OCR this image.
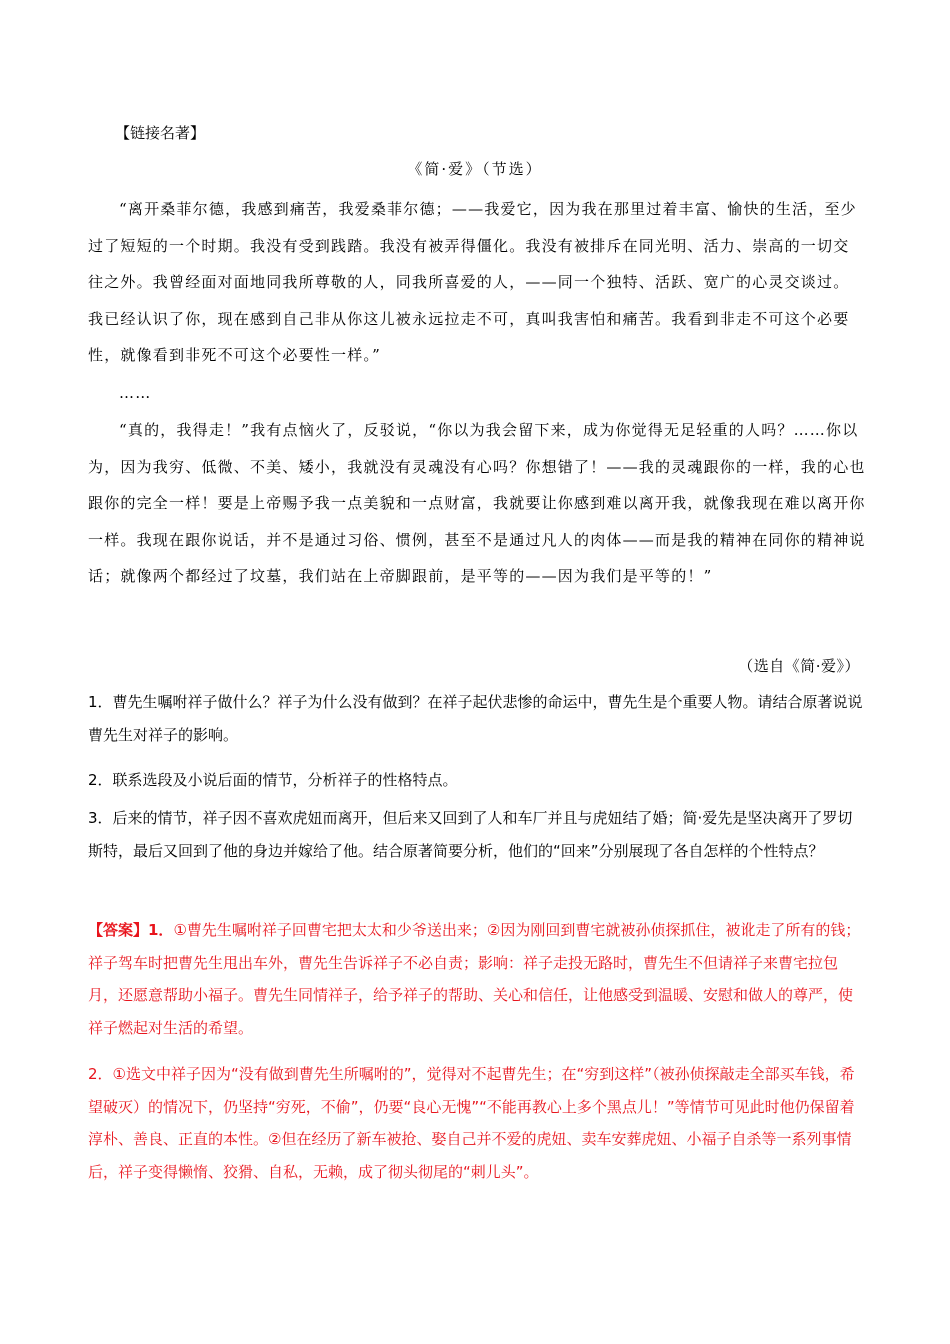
【链接名著】

《简·爱》（节选）

“离开桑菲尔德，我感到痛苦，我爱桑菲尔德；——我爱它，因为我在那里过着丰富、愉快的生活，至少过了短短的一个时期。我没有受到践踏。我没有被弄得僵化。我没有被排斥在同光明、活力、崇高的一切交往之外。我曾经面对面地同我所尊敬的人，同我所喜爱的人，——同一个独特、活跃、宽广的心灵交谈过。我已经认识了你，现在感到自己非从你这儿被永远拉走不可，真叫我害怕和痛苦。我看到非走不可这个必要性，就像看到非死不可这个必要性一样。”

……

“真的，我得走！”我有点恼火了，反驳说，“你以为我会留下来，成为你觉得无足轻重的人吗？……你以为，因为我穷、低微、不美、矮小，我就没有灵魂没有心吗？你想错了！——我的灵魂跟你的一样，我的心也跟你的完全一样！要是上帝赐予我一点美貌和一点财富，我就要让你感到难以离开我，就像我现在难以离开你一样。我现在跟你说话，并不是通过习俗、惯例，甚至不是通过凡人的肉体——而是我的精神在同你的精神说话；就像两个都经过了坟墓，我们站在上帝脚跟前，是平等的——因为我们是平等的！”

（选自《简·爱》）

1．曹先生嘱咐祥子做什么？祥子为什么没有做到？在祥子起伏悲惨的命运中，曹先生是个重要人物。请结合原著说说曹先生对祥子的影响。

2．联系选段及小说后面的情节，分析祥子的性格特点。

3．后来的情节，祥子因不喜欢虎妞而离开，但后来又回到了人和车厂并且与虎妞结了婚；简·爱先是坚决离开了罗切斯特，最后又回到了他的身边并嫁给了他。结合原著简要分析，他们的“回来”分别展现了各自怎样的个性特点？

【答案】1．①曹先生嘱咐祥子回曹宅把太太和少爷送出来；②因为刚回到曹宅就被孙侦探抓住，被讹走了所有的钱；祥子驾车时把曹先生甩出车外，曹先生告诉祥子不必自责；影响：祥子走投无路时，曹先生不但请祥子来曹宅拉包月，还愿意帮助小福子。曹先生同情祥子，给予祥子的帮助、关心和信任，让他感受到温暖、安慰和做人的尊严，使祥子燃起对生活的希望。

2．①选文中祥子因为“没有做到曹先生所嘱咐的”，觉得对不起曹先生；在“穷到这样”（被孙侦探敲走全部买车钱，希望破灭）的情况下，仍坚持“穷死，不偷”，仍要“良心无愧”“不能再教心上多个黑点儿！”等情节可见此时他仍保留着淳朴、善良、正直的本性。②但在经历了新车被抢、娶自己并不爱的虎妞、卖车安葬虎妞、小福子自杀等一系列事情后，祥子变得懒惰、狡猾、自私，无赖，成了彻头彻尾的“刺儿头”。
